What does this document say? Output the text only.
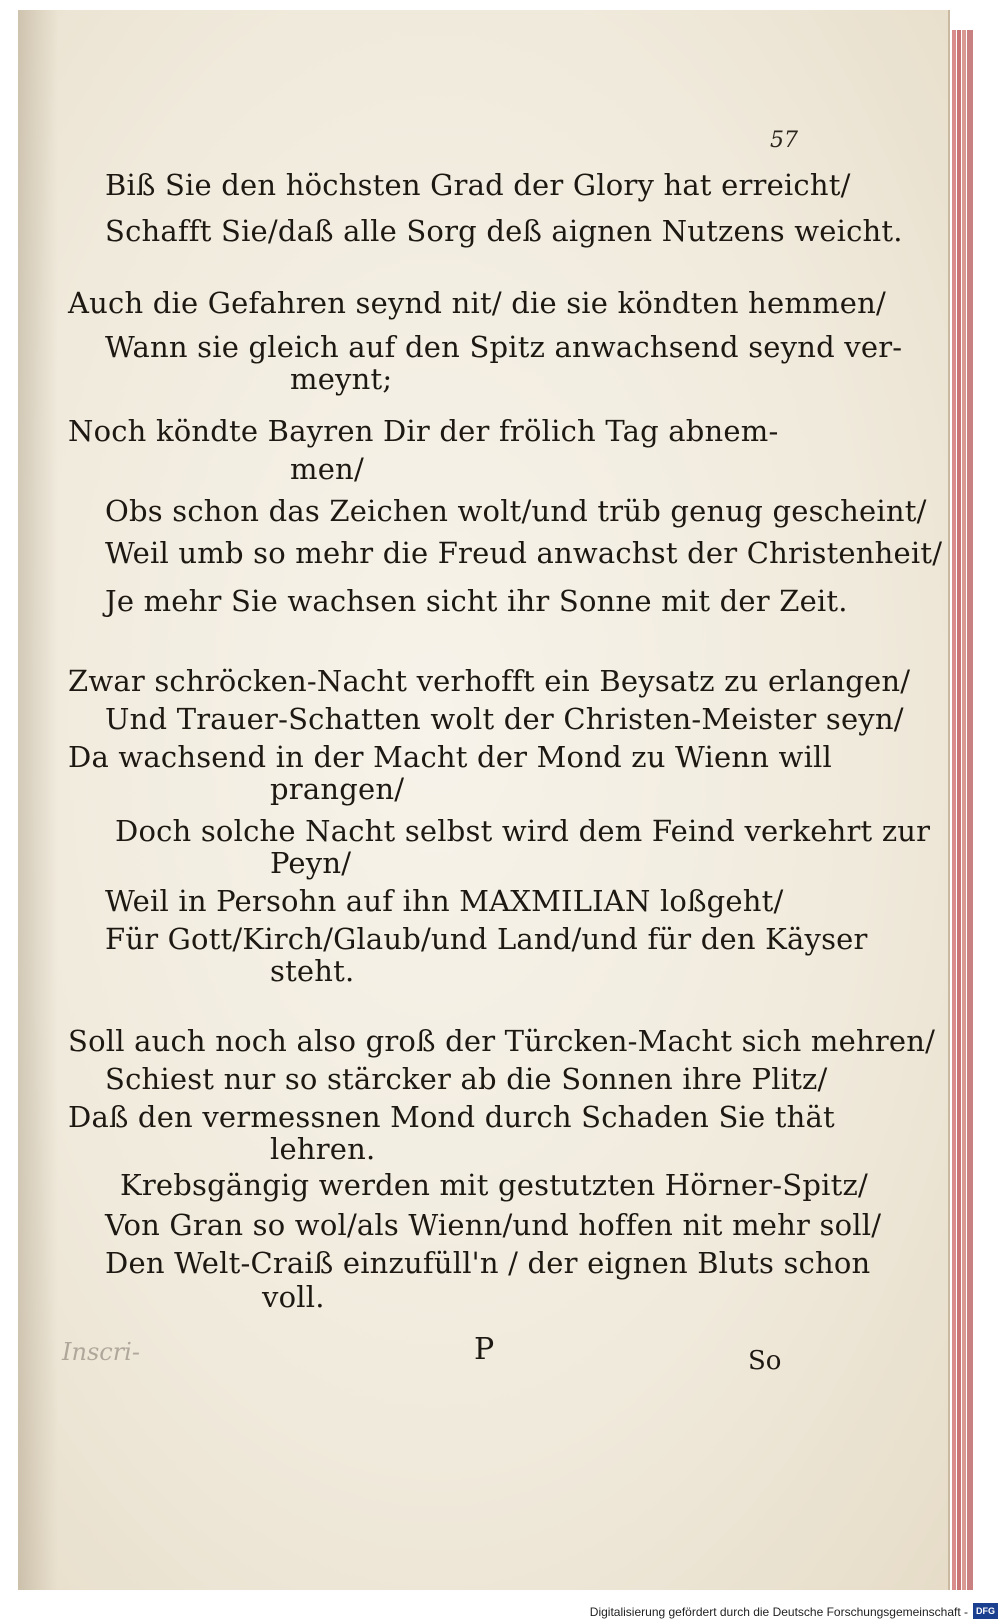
57
Biß Sie den höchsten Grad der Glory hat erreicht/
Schafft Sie/daß alle Sorg deß aignen Nutzens weicht.
Auch die Gefahren seynd nit/ die sie köndten hemmen/
Wann sie gleich auf den Spitz anwachsend seynd ver-
meynt;
Noch köndte Bayren Dir der frölich Tag abnem-
men/
Obs schon das Zeichen wolt/und trüb genug gescheint/
Weil umb so mehr die Freud anwachst der Christenheit/
Je mehr Sie wachsen sicht ihr Sonne mit der Zeit.
Zwar schröcken-Nacht verhofft ein Beysatz zu erlangen/
Und Trauer-Schatten wolt der Christen-Meister seyn/
Da wachsend in der Macht der Mond zu Wienn will
prangen/
Doch solche Nacht selbst wird dem Feind verkehrt zur
Peyn/
Weil in Persohn auf ihn MAXMILIAN loßgeht/
Für Gott/Kirch/Glaub/und Land/und für den Käyser
steht.
Soll auch noch also groß der Türcken-Macht sich mehren/
Schiest nur so stärcker ab die Sonnen ihre Plitz/
Daß den vermessnen Mond durch Schaden Sie thät
lehren.
Krebsgängig werden mit gestutzten Hörner-Spitz/
Von Gran so wol/als Wienn/und hoffen nit mehr soll/
Den Welt-Craiß einzufüll'n / der eignen Bluts schon
voll.
Inscri-	P	So
Digitalisierung gefördert durch die Deutsche Forschungsgemeinschaft - DFG
